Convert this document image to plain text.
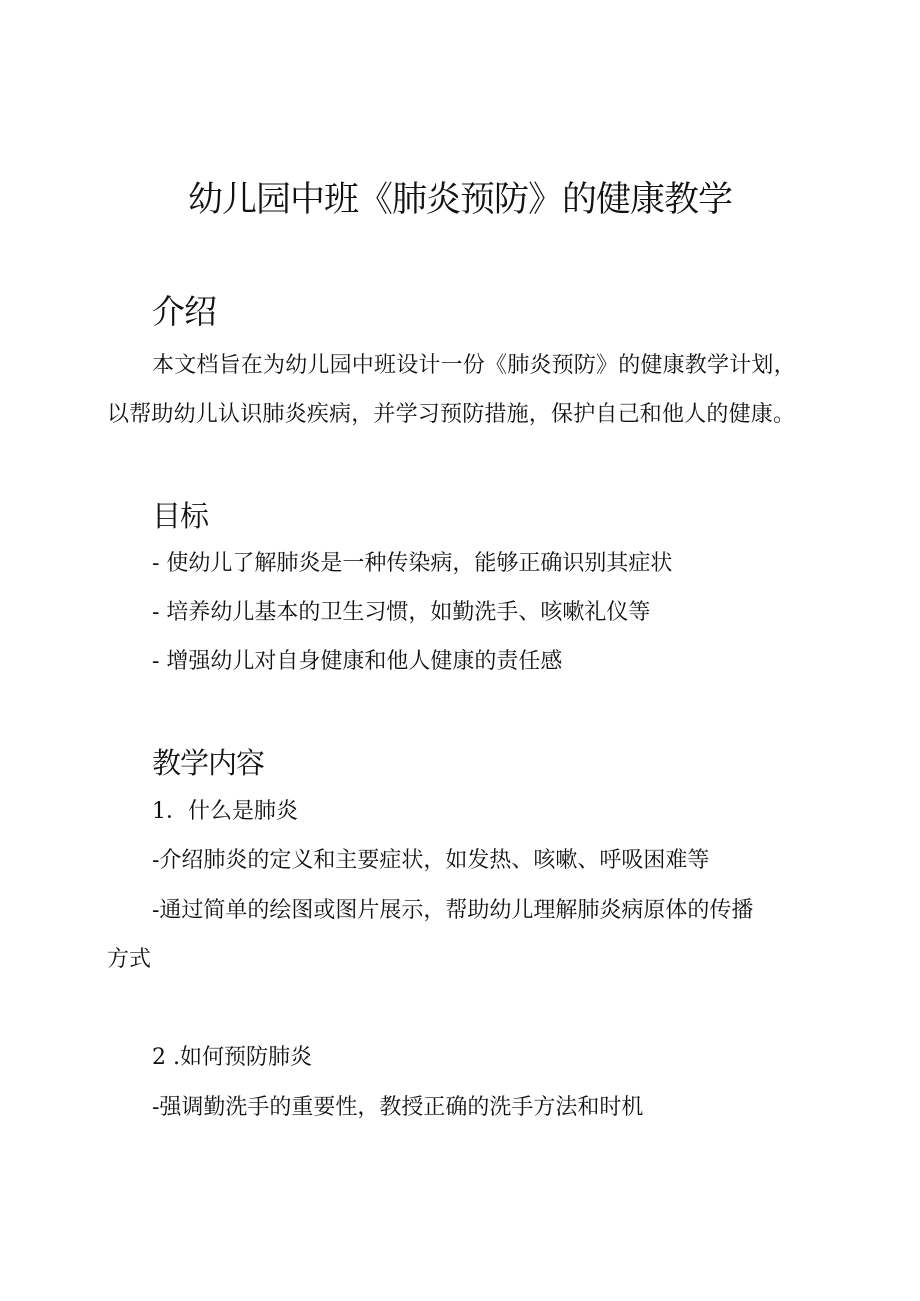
幼儿园中班《肺炎预防》的健康教学
介绍

本文档旨在为幼儿园中班设计一份《肺炎预防》的健康教学计划，

以帮助幼儿认识肺炎疾病，并学习预防措施，保护自己和他人的健康。

目标

- 使幼儿了解肺炎是一种传染病，能够正确识别其症状

- 培养幼儿基本的卫生习惯，如勤洗手、咳嗽礼仪等

- 增强幼儿对自身健康和他人健康的责任感

教学内容

1．什么是肺炎

-介绍肺炎的定义和主要症状，如发热、咳嗽、呼吸困难等

-通过简单的绘图或图片展示，帮助幼儿理解肺炎病原体的传播

方式

2 .如何预防肺炎

-强调勤洗手的重要性，教授正确的洗手方法和时机
